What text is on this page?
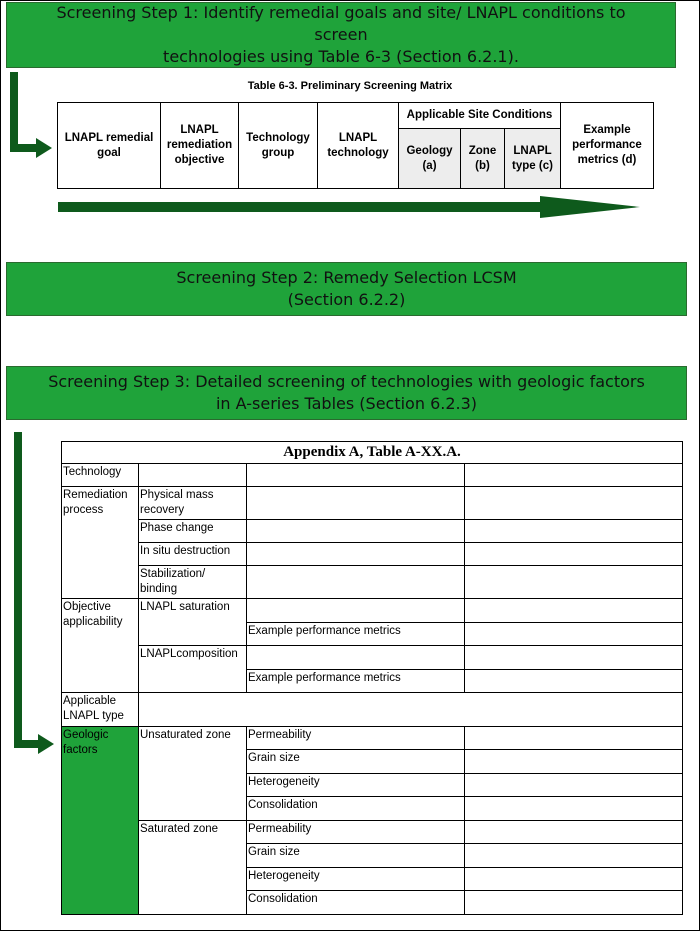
Screening Step 1: Identify remedial goals and site/ LNAPL conditions to screen
technologies using Table 6-3 (Section 6.2.1).
Table 6-3. Preliminary Screening Matrix
LNAPL remedial goal	LNAPL remediation objective	Technology group	LNAPL technology	Applicable Site Conditions			Example performance metrics (d)
				Geology (a)	Zone (b)	LNAPL type (c)	
Screening Step 2: Remedy Selection LCSM
(Section 6.2.2)
Screening Step 3: Detailed screening of technologies with geologic factors
in A-series Tables (Section 6.2.3)
Appendix A, Table A-XX.A.			
Technology			
Remediation process	Physical mass recovery		
	Phase change		
	In situ destruction		
	Stabilization/ binding		
Objective applicability	LNAPL saturation		
		Example performance metrics	
	LNAPLcomposition		
		Example performance metrics	
Applicable LNAPL type			
Geologic factors	Unsaturated zone	Permeability	
		Grain size	
		Heterogeneity	
		Consolidation	
	Saturated zone	Permeability	
		Grain size	
		Heterogeneity	
		Consolidation	
